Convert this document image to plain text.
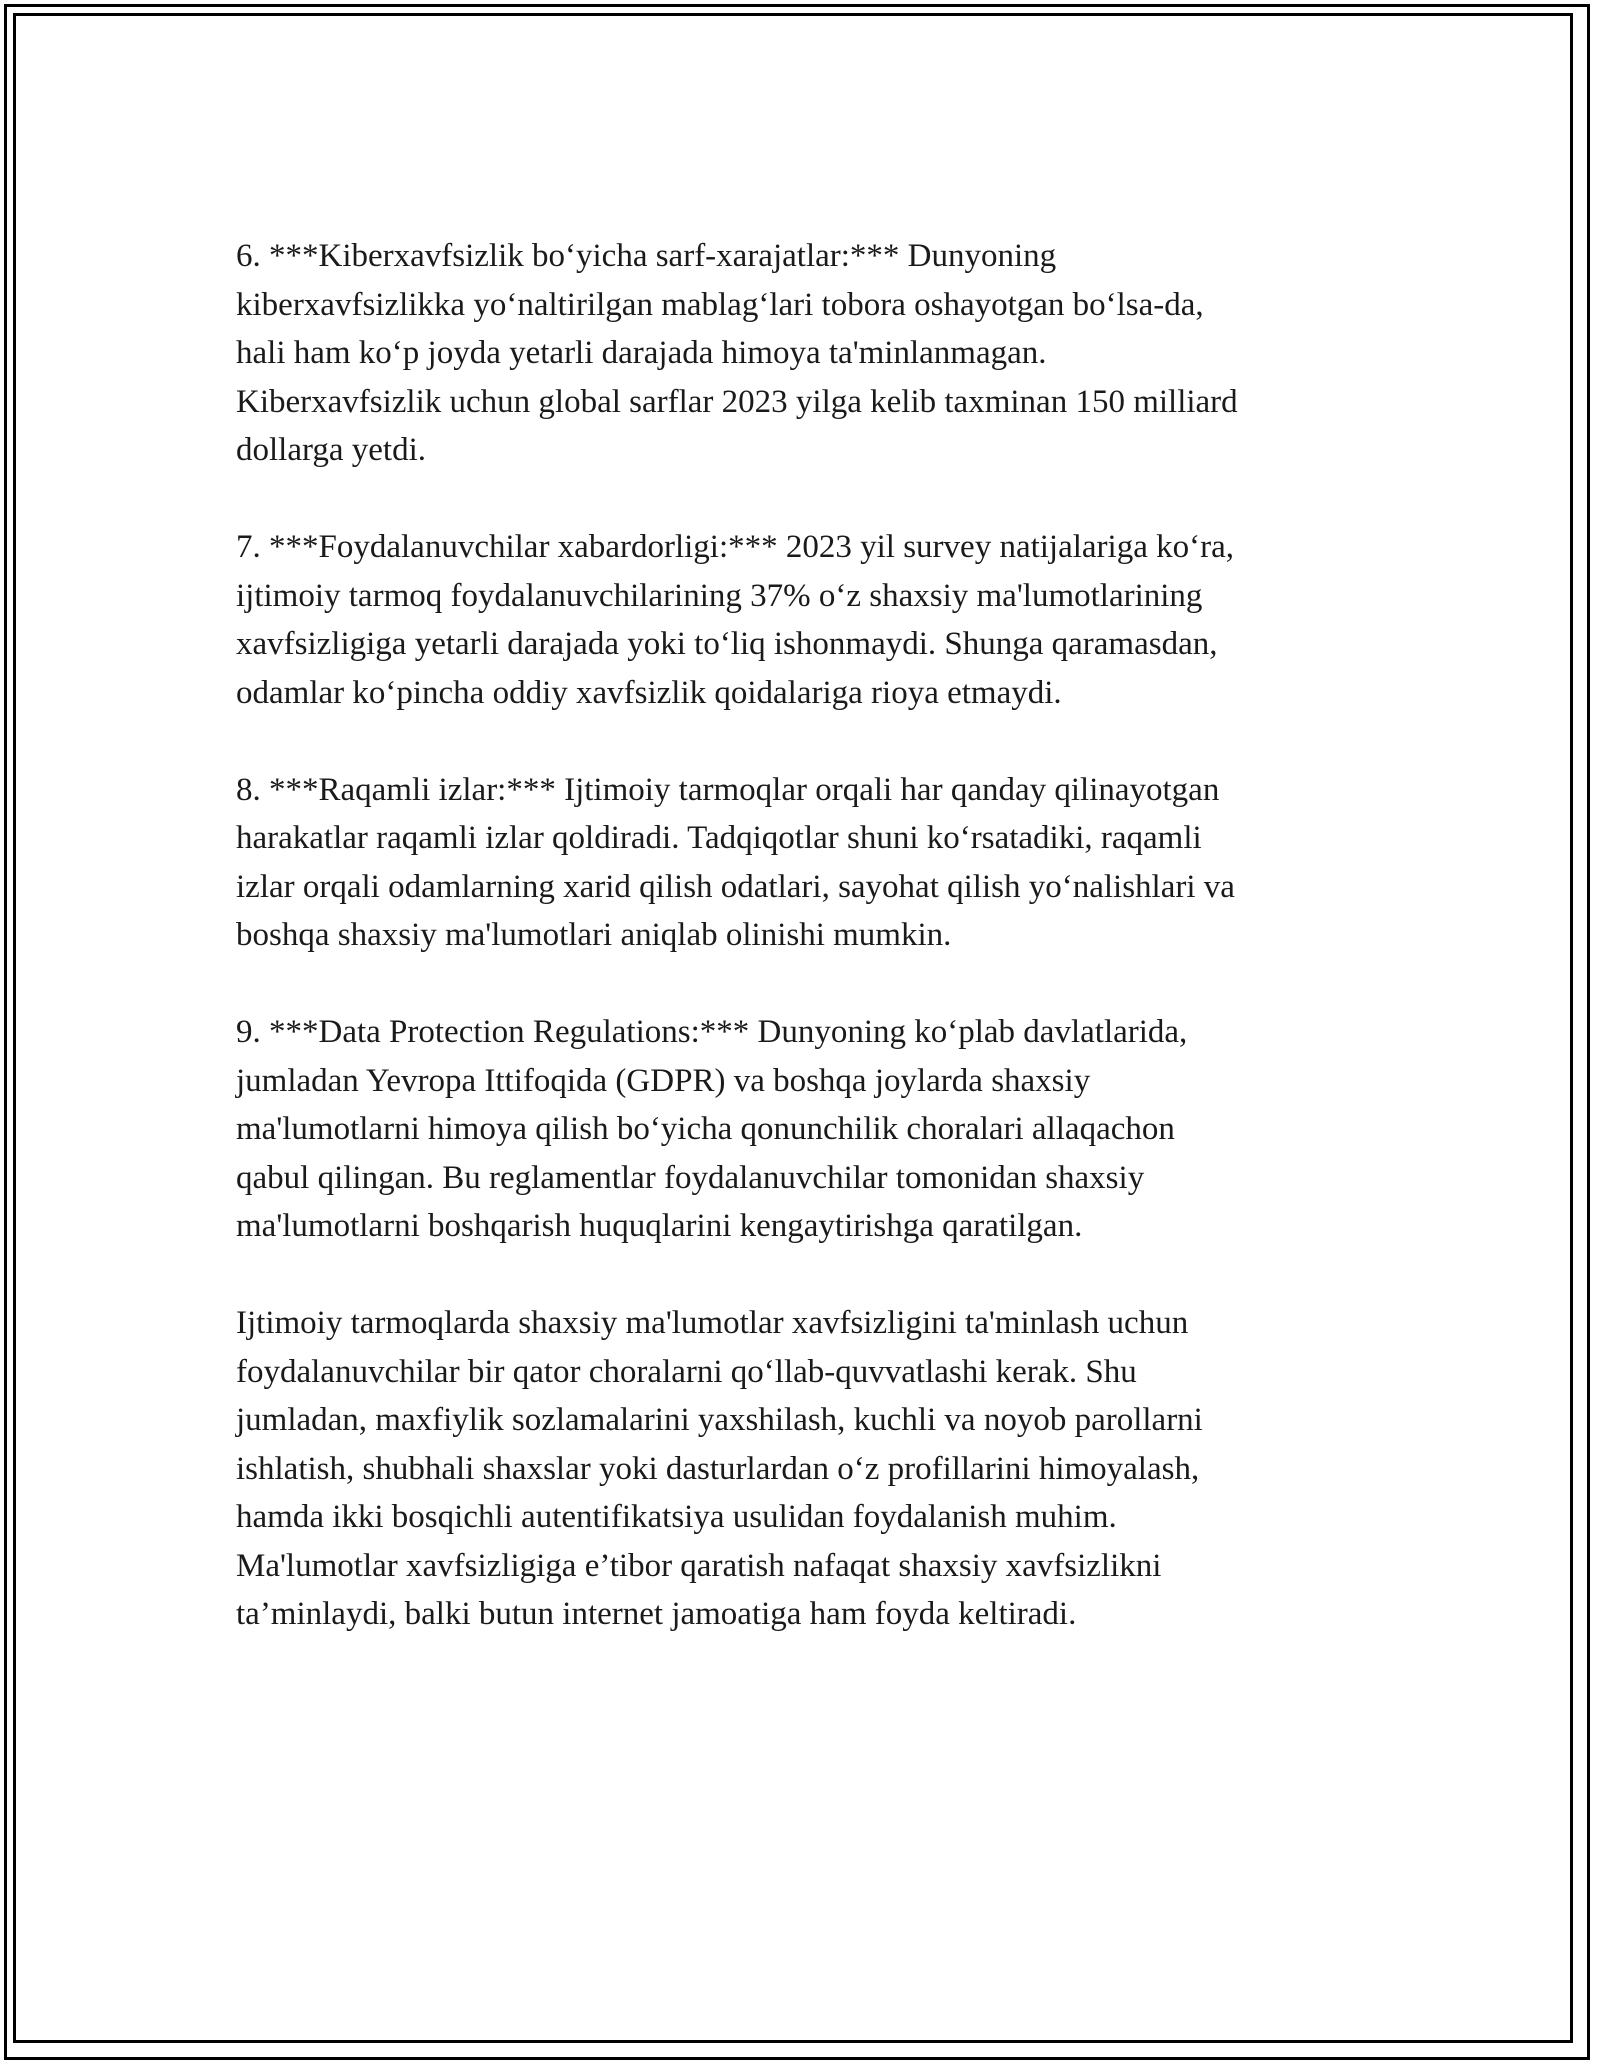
6. ***Kiberxavfsizlik bo‘yicha sarf-xarajatlar:*** Dunyoning
kiberxavfsizlikka yo‘naltirilgan mablag‘lari tobora oshayotgan bo‘lsa-da,
hali ham ko‘p joyda yetarli darajada himoya ta'minlanmagan.
Kiberxavfsizlik uchun global sarflar 2023 yilga kelib taxminan 150 milliard
dollarga yetdi.

7. ***Foydalanuvchilar xabardorligi:*** 2023 yil survey natijalariga ko‘ra,
ijtimoiy tarmoq foydalanuvchilarining 37% o‘z shaxsiy ma'lumotlarining
xavfsizligiga yetarli darajada yoki to‘liq ishonmaydi. Shunga qaramasdan,
odamlar ko‘pincha oddiy xavfsizlik qoidalariga rioya etmaydi.

8. ***Raqamli izlar:*** Ijtimoiy tarmoqlar orqali har qanday qilinayotgan
harakatlar raqamli izlar qoldiradi. Tadqiqotlar shuni ko‘rsatadiki, raqamli
izlar orqali odamlarning xarid qilish odatlari, sayohat qilish yo‘nalishlari va
boshqa shaxsiy ma'lumotlari aniqlab olinishi mumkin.

9. ***Data Protection Regulations:*** Dunyoning ko‘plab davlatlarida,
jumladan Yevropa Ittifoqida (GDPR) va boshqa joylarda shaxsiy
ma'lumotlarni himoya qilish bo‘yicha qonunchilik choralari allaqachon
qabul qilingan. Bu reglamentlar foydalanuvchilar tomonidan shaxsiy
ma'lumotlarni boshqarish huquqlarini kengaytirishga qaratilgan.

Ijtimoiy tarmoqlarda shaxsiy ma'lumotlar xavfsizligini ta'minlash uchun
foydalanuvchilar bir qator choralarni qo‘llab-quvvatlashi kerak. Shu
jumladan, maxfiylik sozlamalarini yaxshilash, kuchli va noyob parollarni
ishlatish, shubhali shaxslar yoki dasturlardan o‘z profillarini himoyalash,
hamda ikki bosqichli autentifikatsiya usulidan foydalanish muhim.
Ma'lumotlar xavfsizligiga e’tibor qaratish nafaqat shaxsiy xavfsizlikni
ta’minlaydi, balki butun internet jamoatiga ham foyda keltiradi.
